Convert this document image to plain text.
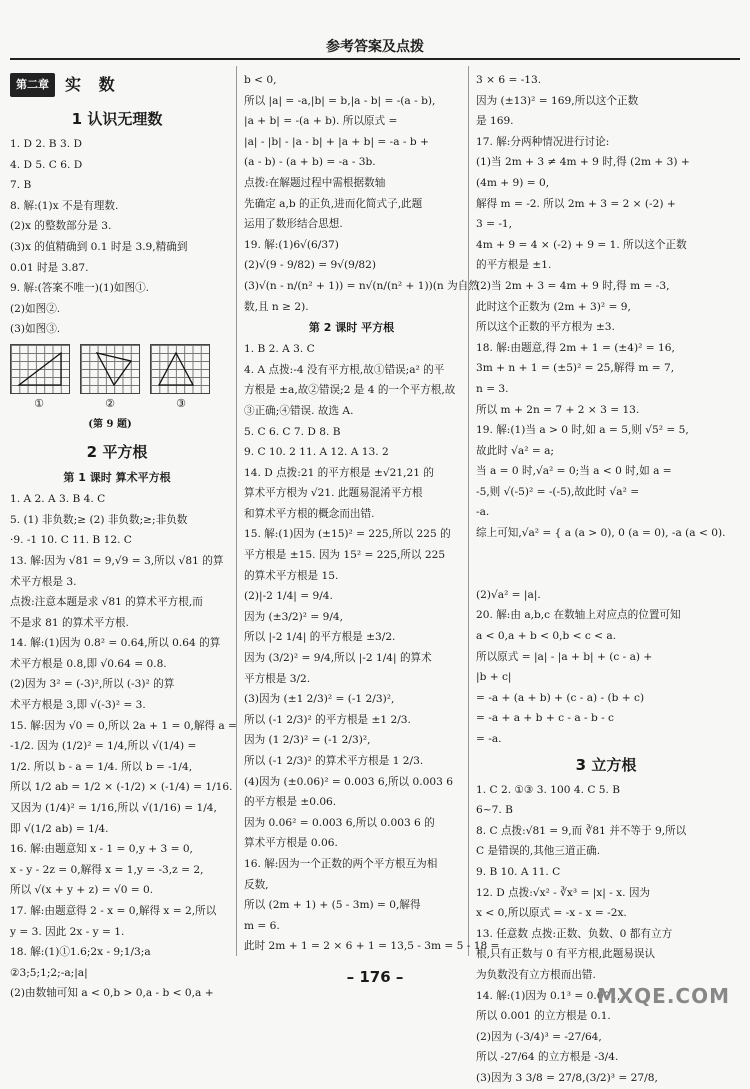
参考答案及点拨
第二章	实 数
1 认识无理数
1. D 2. B 3. D
4. D 5. C 6. D
7. B
8. 解:(1)x 不是有理数.
(2)x 的整数部分是 3.
(3)x 的值精确到 0.1 时是 3.9,精确到
0.01 时是 3.87.
9. 解:(答案不唯一)(1)如图①.
(2)如图②.
(3)如图③.
①	②	③
(第 9 题)
2 平方根
第 1 课时 算术平方根
1. A 2. A 3. B 4. C
5. (1) 非负数;≥ (2) 非负数;≥;非负数
·9. -1 10. C 11. B 12. C
13. 解:因为 √81 = 9,√9 = 3,所以 √81 的算
术平方根是 3.
点拨:注意本题是求 √81 的算术平方根,而
不是求 81 的算术平方根.
14. 解:(1)因为 0.8² = 0.64,所以 0.64 的算
术平方根是 0.8,即 √0.64 = 0.8.
(2)因为 3² = (-3)²,所以 (-3)² 的算
术平方根是 3,即 √(-3)² = 3.
15. 解:因为 √0 = 0,所以 2a + 1 = 0,解得 a =
-1/2. 因为 (1/2)² = 1/4,所以 √(1/4) =
1/2. 所以 b - a = 1/4. 所以 b = -1/4,
所以 1/2 ab = 1/2 × (-1/2) × (-1/4) = 1/16.
又因为 (1/4)² = 1/16,所以 √(1/16) = 1/4,
即 √(1/2 ab) = 1/4.
16. 解:由题意知 x - 1 = 0,y + 3 = 0,
x - y - 2z = 0,解得 x = 1,y = -3,z = 2,
所以 √(x + y + z) = √0 = 0.
17. 解:由题意得 2 - x = 0,解得 x = 2,所以
y = 3. 因此 2x - y = 1.
18. 解:(1)①1.6;2x - 9;1/3;a
②3;5;1;2;-a;|a|
(2)由数轴可知 a < 0,b > 0,a - b < 0,a +
b < 0,
所以 |a| = -a,|b| = b,|a - b| = -(a - b),
|a + b| = -(a + b). 所以原式 =
|a| - |b| - |a - b| + |a + b| = -a - b +
(a - b) - (a + b) = -a - 3b.
点拨:在解题过程中需根据数轴
先确定 a,b 的正负,进而化简式子,此题
运用了数形结合思想.
19. 解:(1)6√(6/37)
(2)√(9 - 9/82) = 9√(9/82)
(3)√(n - n/(n² + 1)) = n√(n/(n² + 1))(n 为自然
数,且 n ≥ 2).
第 2 课时 平方根
1. B 2. A 3. C
4. A 点拨:-4 没有平方根,故①错误;a² 的平
方根是 ±a,故②错误;2 是 4 的一个平方根,故
③正确;④错误. 故选 A.
5. C 6. C 7. D 8. B
9. C 10. 2 11. A 12. A 13. 2
14. D 点拨:21 的平方根是 ±√21,21 的
算术平方根为 √21. 此题易混淆平方根
和算术平方根的概念而出错.
15. 解:(1)因为 (±15)² = 225,所以 225 的
平方根是 ±15. 因为 15² = 225,所以 225
的算术平方根是 15.
(2)|-2 1/4| = 9/4.
因为 (±3/2)² = 9/4,
所以 |-2 1/4| 的平方根是 ±3/2.
因为 (3/2)² = 9/4,所以 |-2 1/4| 的算术
平方根是 3/2.
(3)因为 (±1 2/3)² = (-1 2/3)²,
所以 (-1 2/3)² 的平方根是 ±1 2/3.
因为 (1 2/3)² = (-1 2/3)²,
所以 (-1 2/3)² 的算术平方根是 1 2/3.
(4)因为 (±0.06)² = 0.003 6,所以 0.003 6
的平方根是 ±0.06.
因为 0.06² = 0.003 6,所以 0.003 6 的
算术平方根是 0.06.
16. 解:因为一个正数的两个平方根互为相
反数,
所以 (2m + 1) + (5 - 3m) = 0,解得
m = 6.
此时 2m + 1 = 2 × 6 + 1 = 13,5 - 3m = 5 - 18 =
3 × 6 = -13.
因为 (±13)² = 169,所以这个正数
是 169.
17. 解:分两种情况进行讨论:
(1)当 2m + 3 ≠ 4m + 9 时,得 (2m + 3) +
(4m + 9) = 0,
解得 m = -2. 所以 2m + 3 = 2 × (-2) +
3 = -1,
4m + 9 = 4 × (-2) + 9 = 1. 所以这个正数
的平方根是 ±1.
(2)当 2m + 3 = 4m + 9 时,得 m = -3,
此时这个正数为 (2m + 3)² = 9,
所以这个正数的平方根为 ±3.
18. 解:由题意,得 2m + 1 = (±4)² = 16,
3m + n + 1 = (±5)² = 25,解得 m = 7,
n = 3.
所以 m + 2n = 7 + 2 × 3 = 13.
19. 解:(1)当 a > 0 时,如 a = 5,则 √5² = 5,
故此时 √a² = a;
当 a = 0 时,√a² = 0;当 a < 0 时,如 a =
-5,则 √(-5)² = -(-5),故此时 √a² =
-a.
综上可知,√a² = { a (a > 0), 0 (a = 0), -a (a < 0).

(2)√a² = |a|.
20. 解:由 a,b,c 在数轴上对应点的位置可知
a < 0,a + b < 0,b < c < a.
所以原式 = |a| - |a + b| + (c - a) +
|b + c|
= -a + (a + b) + (c - a) - (b + c)
= -a + a + b + c - a - b - c
= -a.
3 立方根
1. C 2. ①③ 3. 100 4. C 5. B
6~7. B
8. C 点拨:√81 = 9,而 ∛81 并不等于 9,所以
C 是错误的,其他三道正确.
9. B 10. A 11. C
12. D 点拨:√x² - ∛x³ = |x| - x. 因为
x < 0,所以原式 = -x - x = -2x.
13. 任意数 点拨:正数、负数、0 都有立方
根,只有正数与 0 有平方根,此题易误认
为负数没有立方根而出错.
14. 解:(1)因为 0.1³ = 0.001,
所以 0.001 的立方根是 0.1.
(2)因为 (-3/4)³ = -27/64,
所以 -27/64 的立方根是 -3/4.
(3)因为 3 3/8 = 27/8,(3/2)³ = 27/8,
– 176 –
MXQE.COM
